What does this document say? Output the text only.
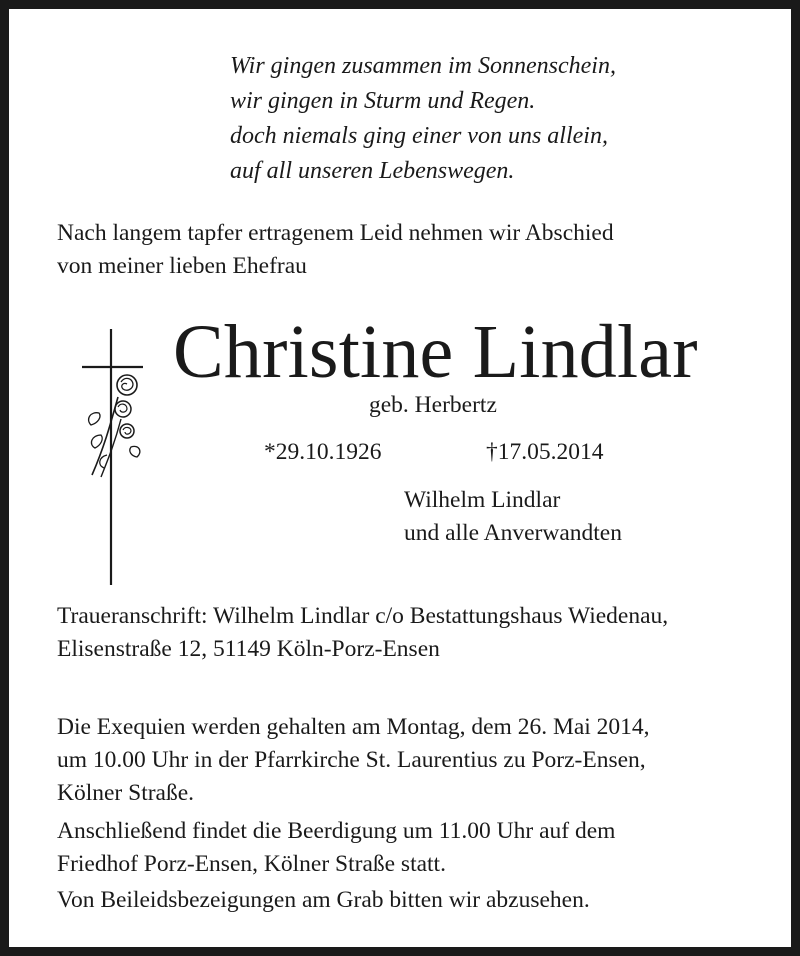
Wir gingen zusammen im Sonnenschein,
wir gingen in Sturm und Regen.
doch niemals ging einer von uns allein,
auf all unseren Lebenswegen.
Nach langem tapfer ertragenem Leid nehmen wir Abschied
von meiner lieben Ehefrau
Christine Lindlar
geb. Herbertz
*29.10.1926	†17.05.2014
Wilhelm Lindlar
und alle Anverwandten
Traueranschrift: Wilhelm Lindlar c/o Bestattungshaus Wiedenau,
Elisenstraße 12, 51149 Köln-Porz-Ensen
Die Exequien werden gehalten am Montag, dem 26. Mai 2014,
um 10.00 Uhr in der Pfarrkirche St. Laurentius zu Porz-Ensen,
Kölner Straße.
Anschließend findet die Beerdigung um 11.00 Uhr auf dem
Friedhof Porz-Ensen, Kölner Straße statt.
Von Beileidsbezeigungen am Grab bitten wir abzusehen.
